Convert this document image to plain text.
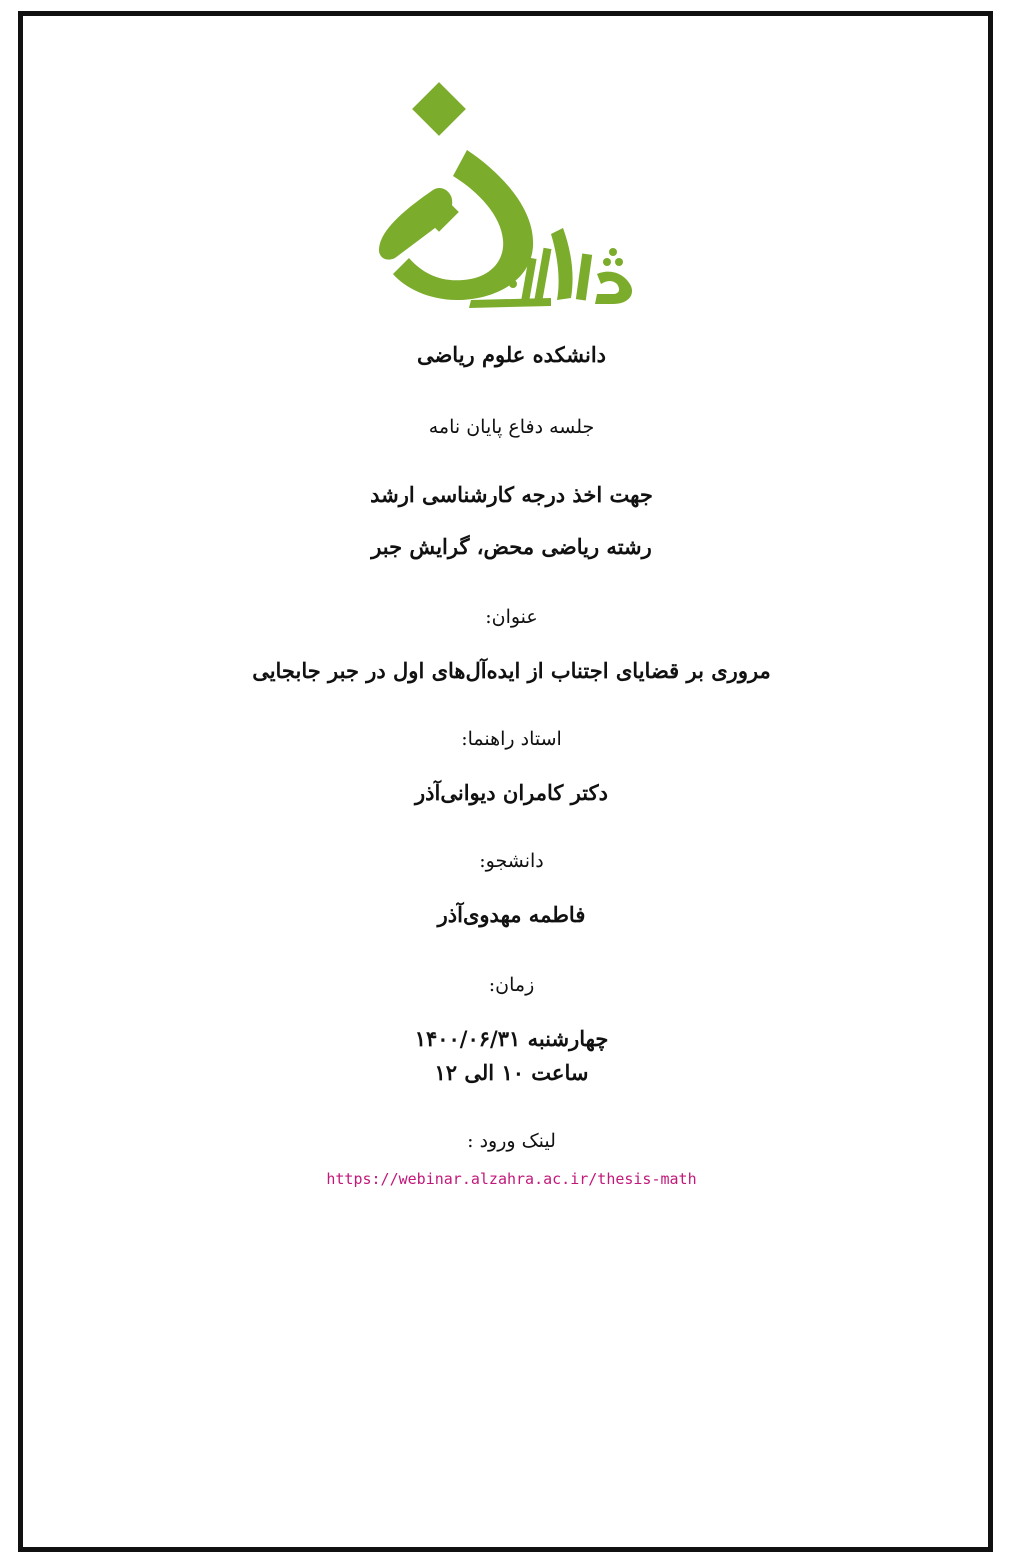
دانشکده علوم ریاضی
جلسه دفاع پایان نامه
جهت اخذ درجه کارشناسی ارشد
رشته ریاضی محض، گرایش جبر
عنوان:
مروری بر قضایای اجتناب از ایده‌آل‌های اول در جبر جابجایی
استاد راهنما:
دکتر کامران دیوانی‌آذر
دانشجو:
فاطمه مهدوی‌آذر
زمان:
چهارشنبه ۱۴۰۰/۰۶/۳۱
ساعت ۱۰ الی ۱۲
لینک ورود :
https://webinar.alzahra.ac.ir/thesis-math
